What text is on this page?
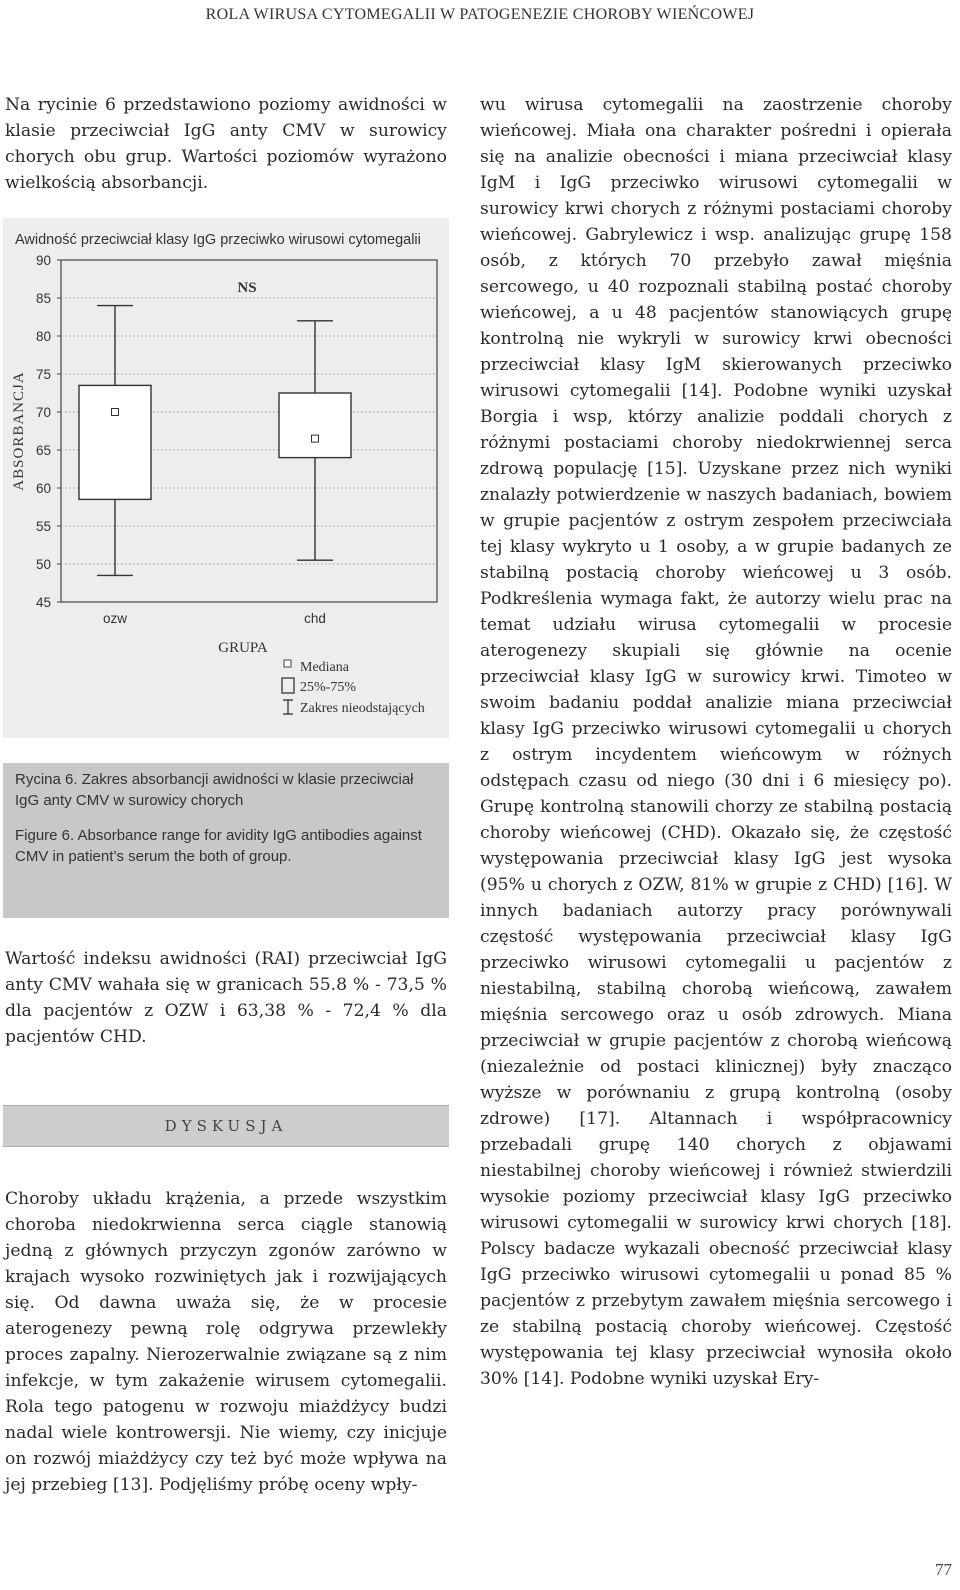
ROLA WIRUSA CYTOMEGALII W PATOGENEZIE CHOROBY WIEŃCOWEJ

Na rycinie 6 przedstawiono poziomy awidności w klasie przeciwciał IgG anty CMV w surowicy chorych obu grup. Wartości poziomów wyrażono wielkością absorbancji.

Awidność przeciwciał klasy IgG przeciwko wirusowi cytomegalii
90
85
80
75
70
65
60
55
50
45
ABSORBANCJA
NS
ozw	chd
GRUPA
Mediana
25%-75%
Zakres nieodstających
Rycina 6. Zakres absorbancji awidności w klasie przeciwciał IgG anty CMV w surowicy chorych
Figure 6. Absorbance range for avidity IgG antibodies against CMV in patient’s serum the both of group.

Wartość indeksu awidności (RAI) przeciwciał IgG anty CMV wahała się w granicach 55.8 % - 73,5 % dla pacjentów z OZW i 63,38 % - 72,4 % dla pacjentów CHD.

DYSKUSJA

Choroby układu krążenia, a przede wszystkim choroba niedokrwienna serca ciągle stanowią jedną z głównych przyczyn zgonów zarówno w krajach wysoko rozwiniętych jak i rozwijających się. Od dawna uważa się, że w procesie aterogenezy pewną rolę odgrywa przewlekły proces zapalny. Nierozerwalnie związane są z nim infekcje, w tym zakażenie wirusem cytomegalii. Rola tego patogenu w rozwoju miażdżycy budzi nadal wiele kontrowersji. Nie wiemy, czy inicjuje on rozwój miażdżycy czy też być może wpływa na jej przebieg [13]. Podjęliśmy próbę oceny wpły-

wu wirusa cytomegalii na zaostrzenie choroby wieńcowej. Miała ona charakter pośredni i opierała się na analizie obecności i miana przeciwciał klasy IgM i IgG przeciwko wirusowi cytomegalii w surowicy krwi chorych z różnymi postaciami choroby wieńcowej. Gabrylewicz i wsp. analizując grupę 158 osób, z których 70 przebyło zawał mięśnia sercowego, u 40 rozpoznali stabilną postać choroby wieńcowej, a u 48 pacjentów stanowiących grupę kontrolną nie wykryli w surowicy krwi obecności przeciwciał klasy IgM skierowanych przeciwko wirusowi cytomegalii [14]. Podobne wyniki uzyskał Borgia i wsp, którzy analizie poddali chorych z różnymi postaciami choroby niedokrwiennej serca zdrową populację [15]. Uzyskane przez nich wyniki znalazły potwierdzenie w naszych badaniach, bowiem w grupie pacjentów z ostrym zespołem przeciwciała tej klasy wykryto u 1 osoby, a w grupie badanych ze stabilną postacią choroby wieńcowej u 3 osób. Podkreślenia wymaga fakt, że autorzy wielu prac na temat udziału wirusa cytomegalii w procesie aterogenezy skupiali się głównie na ocenie przeciwciał klasy IgG w surowicy krwi. Timoteo w swoim badaniu poddał analizie miana przeciwciał klasy IgG przeciwko wirusowi cytomegalii u chorych z ostrym incydentem wieńcowym w różnych odstępach czasu od niego (30 dni i 6 miesięcy po). Grupę kontrolną stanowili chorzy ze stabilną postacią choroby wieńcowej (CHD). Okazało się, że częstość występowania przeciwciał klasy IgG jest wysoka (95% u chorych z OZW, 81% w grupie z CHD) [16]. W innych badaniach autorzy pracy porównywali częstość występowania przeciwciał klasy IgG przeciwko wirusowi cytomegalii u pacjentów z niestabilną, stabilną chorobą wieńcową, zawałem mięśnia sercowego oraz u osób zdrowych. Miana przeciwciał w grupie pacjentów z chorobą wieńcową (niezależnie od postaci klinicznej) były znacząco wyższe w porównaniu z grupą kontrolną (osoby zdrowe) [17]. Altannach i współpracownicy przebadali grupę 140 chorych z objawami niestabilnej choroby wieńcowej i również stwierdzili wysokie poziomy przeciwciał klasy IgG przeciwko wirusowi cytomegalii w surowicy krwi chorych [18]. Polscy badacze wykazali obecność przeciwciał klasy IgG przeciwko wirusowi cytomegalii u ponad 85 % pacjentów z przebytym zawałem mięśnia sercowego i ze stabilną postacią choroby wieńcowej. Częstość występowania tej klasy przeciwciał wynosiła około 30% [14]. Podobne wyniki uzyskał Ery-

77
